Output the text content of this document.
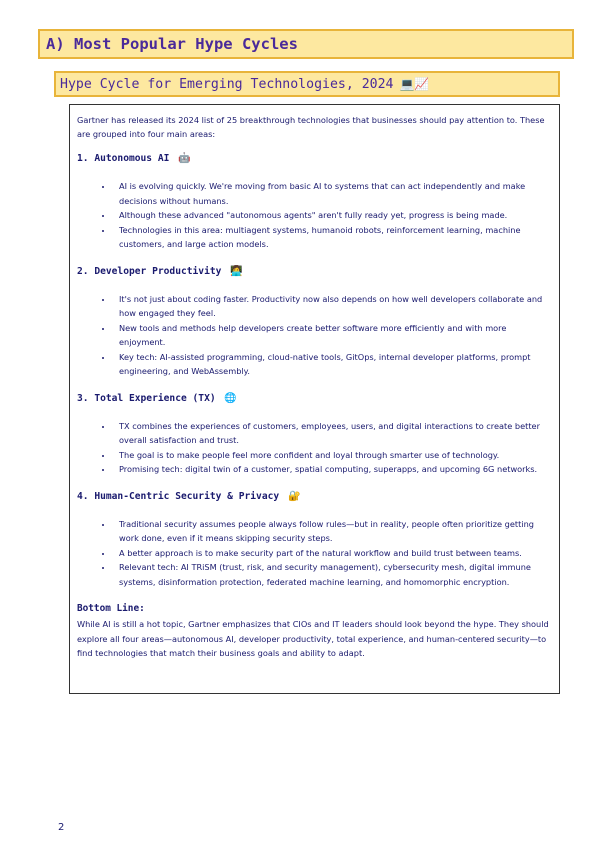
A) Most Popular Hype Cycles
Hype Cycle for Emerging Technologies, 2024 💻📈

Gartner has released its 2024 list of 25 breakthrough technologies that businesses should pay attention to. These are grouped into four main areas:

1. Autonomous AI 🤖
• AI is evolving quickly. We're moving from basic AI to systems that can act independently and make decisions without humans.
• Although these advanced "autonomous agents" aren't fully ready yet, progress is being made.
• Technologies in this area: multiagent systems, humanoid robots, reinforcement learning, machine customers, and large action models.
2. Developer Productivity 👩‍💻
• It's not just about coding faster. Productivity now also depends on how well developers collaborate and how engaged they feel.
• New tools and methods help developers create better software more efficiently and with more enjoyment.
• Key tech: AI-assisted programming, cloud-native tools, GitOps, internal developer platforms, prompt engineering, and WebAssembly.
3. Total Experience (TX) 🌐
• TX combines the experiences of customers, employees, users, and digital interactions to create better overall satisfaction and trust.
• The goal is to make people feel more confident and loyal through smarter use of technology.
• Promising tech: digital twin of a customer, spatial computing, superapps, and upcoming 6G networks.
4. Human-Centric Security & Privacy 🔐
• Traditional security assumes people always follow rules—but in reality, people often prioritize getting work done, even if it means skipping security steps.
• A better approach is to make security part of the natural workflow and build trust between teams.
• Relevant tech: AI TRiSM (trust, risk, and security management), cybersecurity mesh, digital immune systems, disinformation protection, federated machine learning, and homomorphic encryption.
Bottom Line:

While AI is still a hot topic, Gartner emphasizes that CIOs and IT leaders should look beyond the hype. They should explore all four areas—autonomous AI, developer productivity, total experience, and human-centered security—to find technologies that match their business goals and ability to adapt.

2
